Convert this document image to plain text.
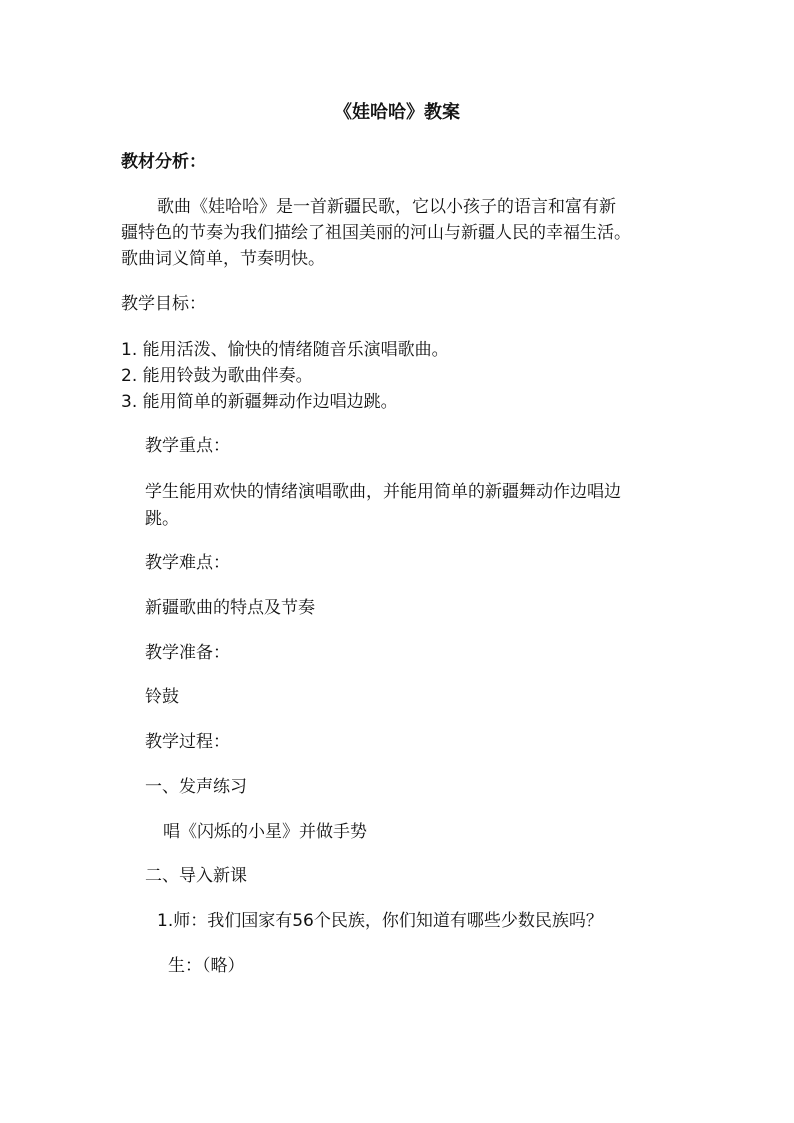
《娃哈哈》教案

教材分析：

歌曲《娃哈哈》是一首新疆民歌，它以小孩子的语言和富有新

疆特色的节奏为我们描绘了祖国美丽的河山与新疆人民的幸福生活。

歌曲词义简单，节奏明快。

教学目标：

1. 能用活泼、愉快的情绪随音乐演唱歌曲。

2. 能用铃鼓为歌曲伴奏。

3. 能用简单的新疆舞动作边唱边跳。

教学重点：

学生能用欢快的情绪演唱歌曲，并能用简单的新疆舞动作边唱边

跳。

教学难点：

新疆歌曲的特点及节奏

教学准备：

铃鼓

教学过程：

一、发声练习

唱《闪烁的小星》并做手势

二、导入新课

1.师：我们国家有56个民族，你们知道有哪些少数民族吗？

生：（略）
